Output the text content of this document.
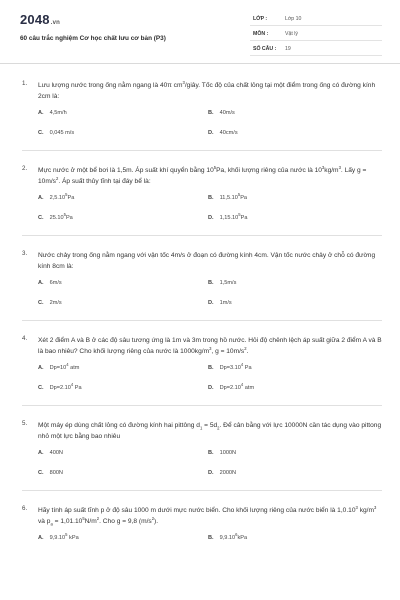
2048.vn
60 câu trắc nghiệm Cơ học chất lưu cơ bản (P3)
LỚP :	Lớp 10
MÔN :	Vật lý
SỐ CÂU : 19
1. Lưu lượng nước trong ống nằm ngang là 40π $cm^3$/giây. Tốc độ của chất lỏng tại một điểm trong ống có đường kính 2cm là:
A. 4,5m/h	B. 40m/s
C. 0,045 m/s	D. 40cm/s
2. Mực nước ở một bể bơi là 1,5m. Áp suất khí quyển bằng $10^5Pa$, khối lượng riêng của nước là $10^3kg/m^3$. Lấy $g = 10m/s^2$. Áp suất thủy tĩnh tại đáy bể là:
A. 2,5.10$^5$Pa	B. 11,5.10$^5$Pa
C. 25.10$^5$Pa	D. 1,15.10$^5$Pa
3. Nước chảy trong ống nằm ngang với vận tốc 4m/s ở đoạn có đường kính 4cm. Vận tốc nước chảy ở chỗ có đường kính 8cm là:
A. 6m/s	B. 1,5m/s
C. 2m/s	D. 1m/s
4. Xét 2 điểm A và B ở các độ sâu tương ứng là 1m và 3m trong hồ nước. Hỏi độ chênh lệch áp suất giữa 2 điểm A và B là bao nhiêu? Cho khối lượng riêng của nước là $1000kg/m^3$, $g = 10m/s^2$.
A. $Dp=10^4$ atm	B. $Dp=3.10^4$ Pa
C. $Dp=2.10^4$ Pa	D. $Dp=2.10^4$ atm
5. Một máy ép dùng chất lỏng có đường kính hai pittông $d_1 = 5d_2$. Để cân bằng với lực 10000N cần tác dụng vào pittong nhỏ một lực bằng bao nhiêu
A. 400N	B. 1000N
C. 800N	D. 2000N
6. Hãy tính áp suất tĩnh p ở độ sâu 1000 m dưới mực nước biển. Cho khối lượng riêng của nước biển là 1,0.10$^3$ $kg/m^3$ và $p_a = 1,01.10^5N/m^2$. Cho g = 9,8 $(m/s^2)$.
A. 9,9.10$^5$ kPa	B. 9,9.10$^6$kPa
